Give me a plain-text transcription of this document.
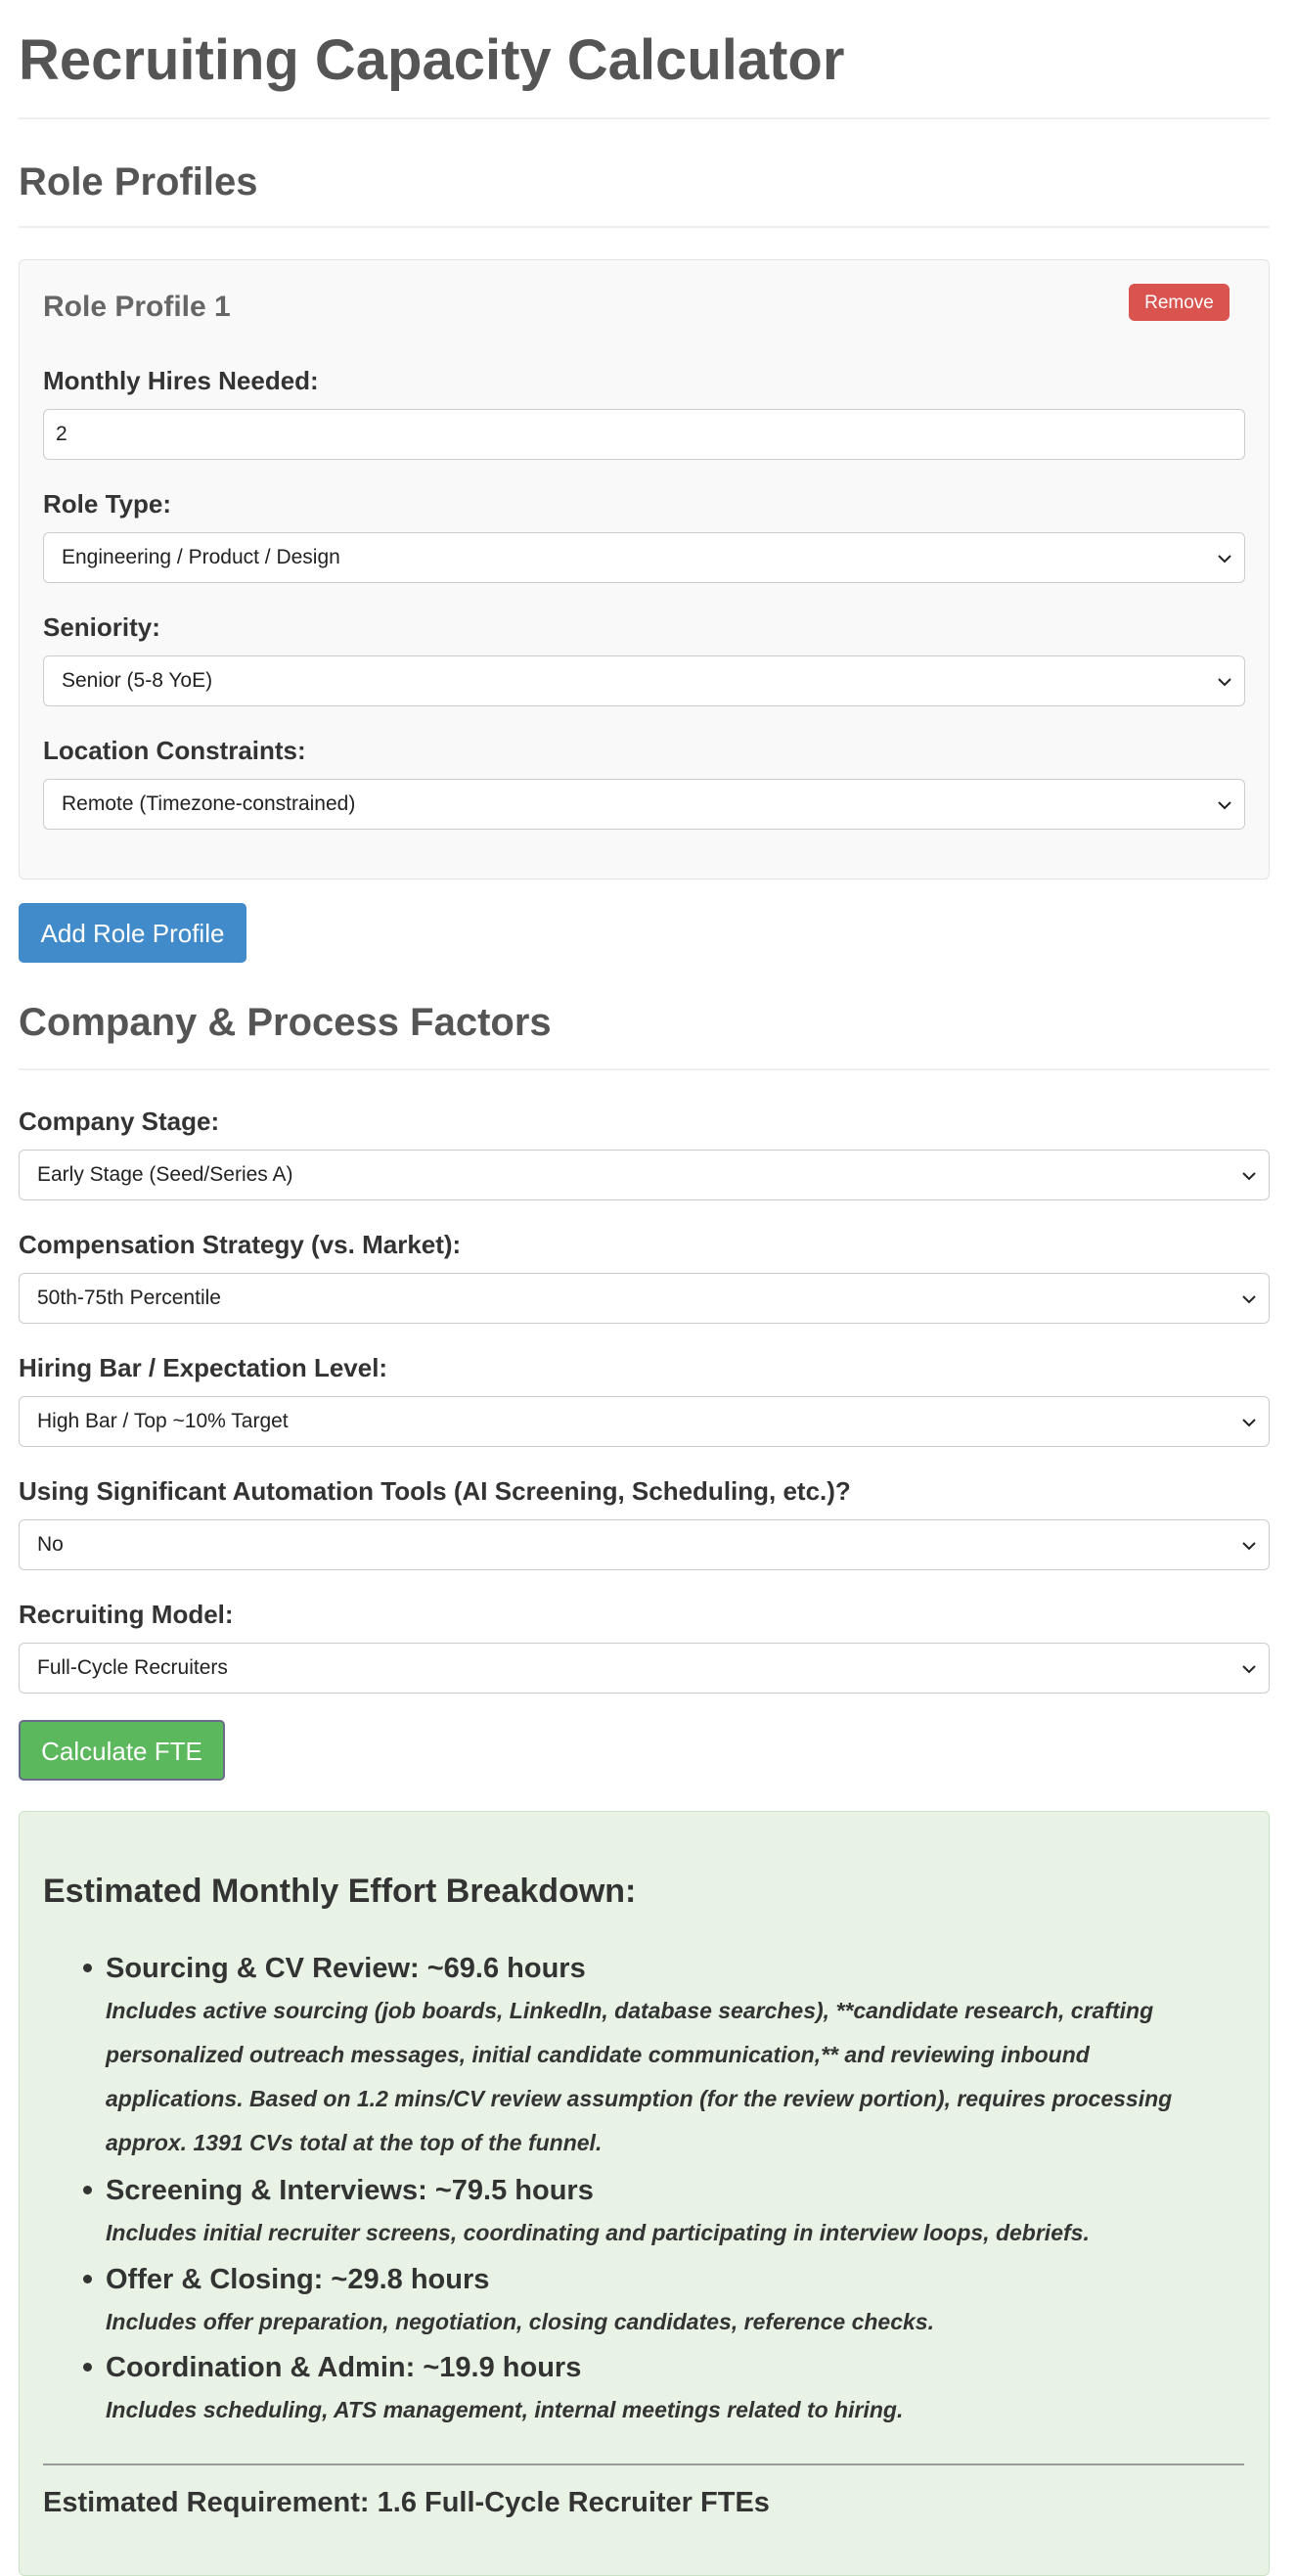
Recruiting Capacity Calculator
Role Profiles
Role Profile 1	Remove
Monthly Hires Needed:
2
Role Type:
Engineering / Product / Design
Seniority:
Senior (5-8 YoE)
Location Constraints:
Remote (Timezone-constrained)
Add Role Profile
Company & Process Factors
Company Stage:
Early Stage (Seed/Series A)
Compensation Strategy (vs. Market):
50th-75th Percentile
Hiring Bar / Expectation Level:
High Bar / Top ~10% Target
Using Significant Automation Tools (AI Screening, Scheduling, etc.)?
No
Recruiting Model:
Full-Cycle Recruiters
Calculate FTE
Estimated Monthly Effort Breakdown:
Sourcing & CV Review: ~69.6 hours
Includes active sourcing (job boards, LinkedIn, database searches), **candidate research, crafting personalized outreach messages, initial candidate communication,** and reviewing inbound applications. Based on 1.2 mins/CV review assumption (for the review portion), requires processing approx. 1391 CVs total at the top of the funnel.
Screening & Interviews: ~79.5 hours
Includes initial recruiter screens, coordinating and participating in interview loops, debriefs.
Offer & Closing: ~29.8 hours
Includes offer preparation, negotiation, closing candidates, reference checks.
Coordination & Admin: ~19.9 hours
Includes scheduling, ATS management, internal meetings related to hiring.
Estimated Requirement: 1.6 Full-Cycle Recruiter FTEs
